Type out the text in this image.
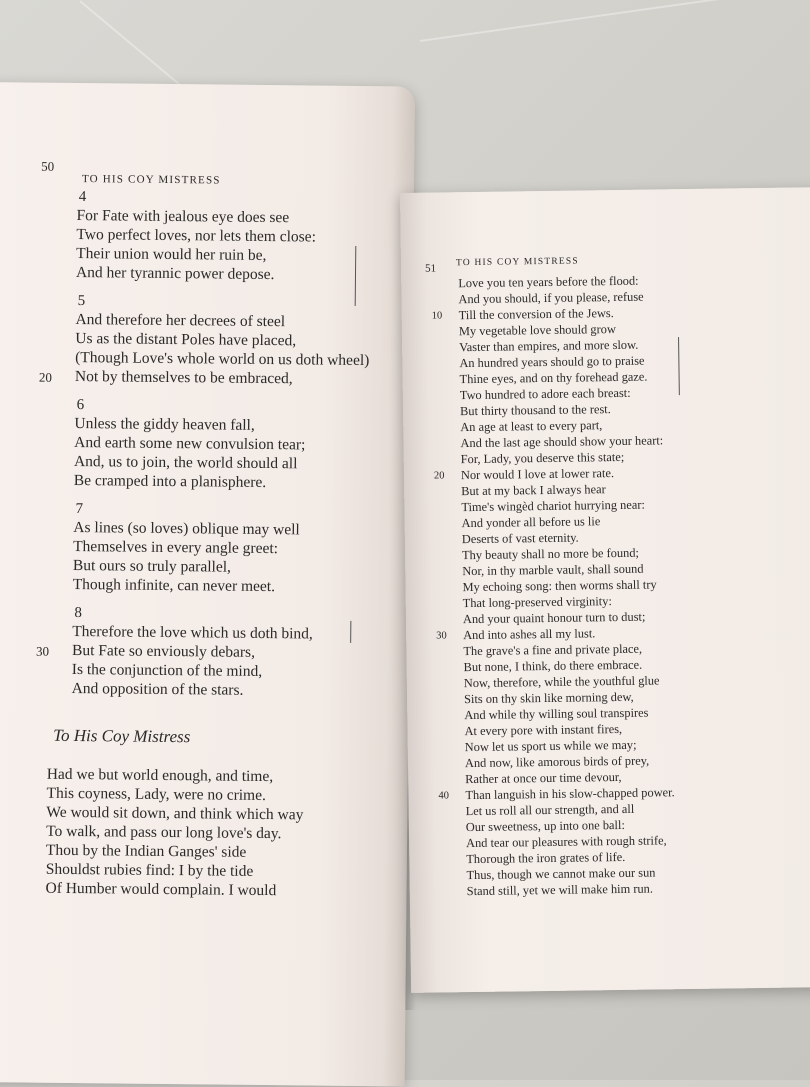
50
TO HIS COY MISTRESS
4
For Fate with jealous eye does see
Two perfect loves, nor lets them close:
Their union would her ruin be,
And her tyrannic power depose.
5
And therefore her decrees of steel
Us as the distant Poles have placed,
(Though Love's whole world on us doth wheel)
20 Not by themselves to be embraced,
6
Unless the giddy heaven fall,
And earth some new convulsion tear;
And, us to join, the world should all
Be cramped into a planisphere.
7
As lines (so loves) oblique may well
Themselves in every angle greet:
But ours so truly parallel,
Though infinite, can never meet.
8
Therefore the love which us doth bind,
30 But Fate so enviously debars,
Is the conjunction of the mind,
And opposition of the stars.
To His Coy Mistress
Had we but world enough, and time,
This coyness, Lady, were no crime.
We would sit down, and think which way
To walk, and pass our long love's day.
Thou by the Indian Ganges' side
Shouldst rubies find: I by the tide
Of Humber would complain. I would
51
TO HIS COY MISTRESS
Love you ten years before the flood:
And you should, if you please, refuse
10 Till the conversion of the Jews.
My vegetable love should grow
Vaster than empires, and more slow.
An hundred years should go to praise
Thine eyes, and on thy forehead gaze.
Two hundred to adore each breast:
But thirty thousand to the rest.
An age at least to every part,
And the last age should show your heart:
For, Lady, you deserve this state;
20 Nor would I love at lower rate.
But at my back I always hear
Time's wingèd chariot hurrying near:
And yonder all before us lie
Deserts of vast eternity.
Thy beauty shall no more be found;
Nor, in thy marble vault, shall sound
My echoing song: then worms shall try
That long-preserved virginity:
And your quaint honour turn to dust;
30 And into ashes all my lust.
The grave's a fine and private place,
But none, I think, do there embrace.
Now, therefore, while the youthful glue
Sits on thy skin like morning dew,
And while thy willing soul transpires
At every pore with instant fires,
Now let us sport us while we may;
And now, like amorous birds of prey,
Rather at once our time devour,
40 Than languish in his slow-chapped power.
Let us roll all our strength, and all
Our sweetness, up into one ball:
And tear our pleasures with rough strife,
Thorough the iron grates of life.
Thus, though we cannot make our sun
Stand still, yet we will make him run.
